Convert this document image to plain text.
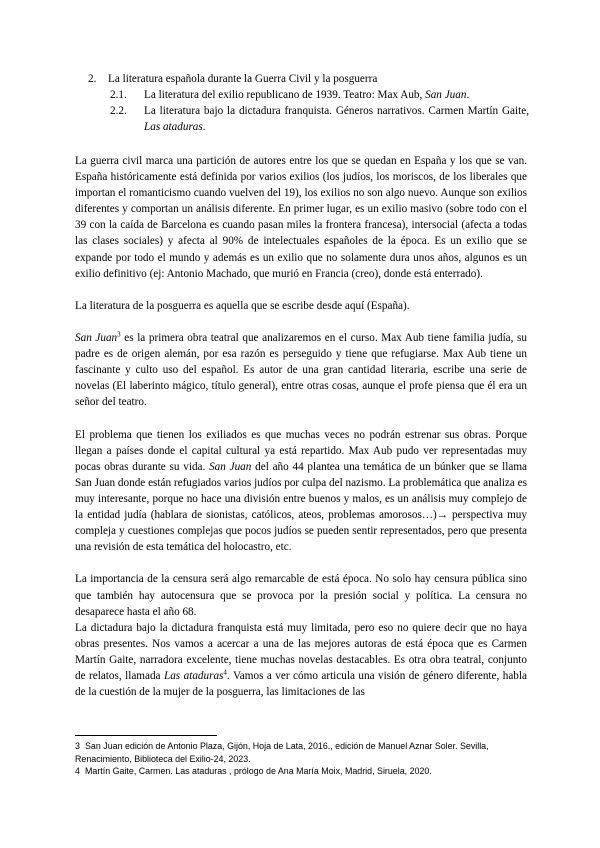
2. La literatura española durante la Guerra Civil y la posguerra
2.1. La literatura del exilio republicano de 1939. Teatro: Max Aub, San Juan.
2.2. La literatura bajo la dictadura franquista. Géneros narrativos. Carmen Martín Gaite, Las ataduras.

La guerra civil marca una partición de autores entre los que se quedan en España y los que se van. España históricamente está definida por varios exilios (los judíos, los moriscos, de los liberales que importan el romanticismo cuando vuelven del 19), los exilios no son algo nuevo. Aunque son exilios diferentes y comportan un análisis diferente. En primer lugar, es un exilio masivo (sobre todo con el 39 con la caída de Barcelona es cuando pasan miles la frontera francesa), intersocial (afecta a todas las clases sociales) y afecta al 90% de intelectuales españoles de la época. Es un exilio que se expande por todo el mundo y además es un exilio que no solamente dura unos años, algunos es un exilio definitivo (ej: Antonio Machado, que murió en Francia (creo), donde está enterrado).

La literatura de la posguerra es aquella que se escribe desde aquí (España).

San Juan$^3$ es la primera obra teatral que analizaremos en el curso. Max Aub tiene familia judía, su padre es de origen alemán, por esa razón es perseguido y tiene que refugiarse. Max Aub tiene un fascinante y culto uso del español. Es autor de una gran cantidad literaria, escribe una serie de novelas (El laberinto mágico, título general), entre otras cosas, aunque el profe piensa que él era un señor del teatro.

El problema que tienen los exiliados es que muchas veces no podrán estrenar sus obras. Porque llegan a países donde el capital cultural ya está repartido. Max Aub pudo ver representadas muy pocas obras durante su vida. San Juan del año 44 plantea una temática de un búnker que se llama San Juan donde están refugiados varios judíos por culpa del nazismo. La problemática que analiza es muy interesante, porque no hace una división entre buenos y malos, es un análisis muy complejo de la entidad judía (hablara de sionistas, católicos, ateos, problemas amorosos…)→ perspectiva muy compleja y cuestiones complejas que pocos judíos se pueden sentir representados, pero que presenta una revisión de esta temática del holocastro, etc.

La importancia de la censura será algo remarcable de está época. No solo hay censura pública sino que también hay autocensura que se provoca por la presión social y política. La censura no desaparece hasta el año 68.

La dictadura bajo la dictadura franquista está muy limitada, pero eso no quiere decir que no haya obras presentes. Nos vamos a acercar a una de las mejores autoras de está época que es Carmen Martín Gaite, narradora excelente, tiene muchas novelas destacables. Es otra obra teatral, conjunto de relatos, llamada Las ataduras$^4$. Vamos a ver cómo articula una visión de género diferente, habla de la cuestión de la mujer de la posguerra, las limitaciones de las

3 San Juan edición de Antonio Plaza, Gijón, Hoja de Lata, 2016., edición de Manuel Aznar Soler. Sevilla, Renacimiento, Biblioteca del Exilio-24, 2023.
4 Martín Gaite, Carmen. Las ataduras , prólogo de Ana María Moix, Madrid, Siruela, 2020.
